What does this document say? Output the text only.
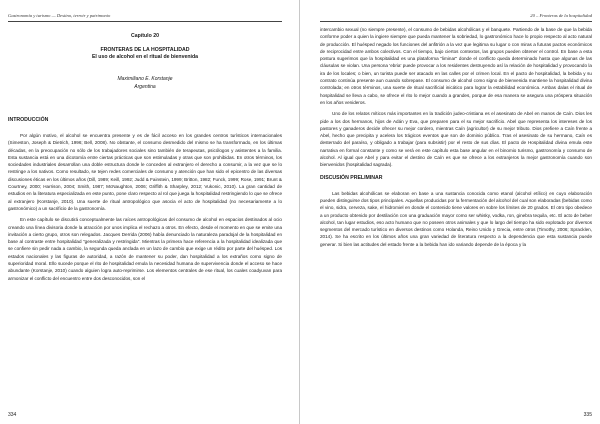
Gastronomía y turismo — Destino, terroir y patrimonio
Capítulo 20
FRONTERAS DE LA HOSPITALIDAD
El uso de alcohol en el ritual de bienvenida
Maximiliano E. Korstanje
Argentina
INTRODUCCIÓN

Por algún motivo, el alcohol se encuentra presente y es de fácil acceso en los grandes centros turísticos internacionales (Simeston, Joseph & Dietrich, 1996; Bell, 2008). No obstante, el consumo desmedido del mismo se ha transformado, en los últimas décadas, en la preocupación no sólo de los trabajadores sociales sino también de terapeutas, psicólogos y asistentes a la familia. Esta sustancia está en una dicotomía entre ciertas prácticas que son estimuladas y otras que son prohibidas. En otros términos, los sociedades industriales desarrollan una doble estructura donde le conceden al extranjero el derecho a consumir, a la vez que se lo restringe a los nativos. Como resultado, se tejen redes comerciales de consumo y atención que han sido el epicentro de las diversas discusiones éticas en los últimos años (Dill, 1989; Keill, 1992; Judd & Fainstein, 1999; Britton, 1982; Funck, 1999; Rose, 1991; Brunt & Courtney, 2000; Harrison, 2004; Smith, 1987; McNaughton, 2006; Griffith & Sharpley, 2012; Vukonic, 2010). La gran cantidad de estudios en la literatura especializada en este punto, pone claro respecto al rol que juega la hospitalidad restringiendo lo que se ofrece al extranjero (Korstanje, 2010). Una suerte de ritual antropológico que asocia el acto de hospitalidad (no necesariamente a lo gastronómico) a un sacrificio de la gastronomía.

En este capítulo se discutirá conceptualmente las raíces antropológicas del consumo de alcohol en espacios destinados al ocio creando una línea divisoria donde la atracción por unos implica el rechazo a otros. En efecto, desde el momento en que se emite una invitación a cierto grupo, otros son relegados. Jacques Derrida (2006) había denunciado la naturaleza paradojal de la hospitalidad en base al contraste entre hospitalidad "generalizada y restringida". Mientras la primera hace referencia a la hospitalidad idealizada que se confiere sin pedir nada a cambio, la segunda queda anclada en un lazo de cambio que exige un rédito por parte del huésped. Los estados nacionales y las figuras de autoridad, a razón de mantener su poder, dan hospitalidad a los extraños como signo de superioridad moral. Ello sucede porque el rito de hospitalidad emula la necesidad humana de supervivencia donde el acceso se hace abundante (Korstanje, 2010) cuando alguien logra auto-reprimirse. Los elementos centrales de ese ritual, los cuales coadyuvan para armonizar el conflicto del encuentro entre dos desconocidos, son el

334
20 – Fronteras de la hospitalidad

intercambio sexual (no siempre presente), el consumo de bebidas alcohólicas y el banquete. Partiendo de la base de que la bebida conforme poder a quien la ingiere siempre que pueda mantener la sobriedad, lo gastronómico hace lo propio respecto al acto natural de producción. El huésped negado los funciones del anfitrión a la vez que legitima su lugar o con miras a futuras pactos económicos de reciprocidad entre ambos colectivos. Con el tiempo, bajo ciertos contextos, las grupos pueden obtener el control. En base a esta postura sugerimos que la hospitalidad es una plataforma "liminar" donde el conflicto queda determinado hasta que algunas de las cláusulas se violan. Una persona 'ebria' puede provocar a los residentes destruyendo así la relación de hospitalidad y provocando la ira de los locales; o bien, un turista puede ser atacado en las calles por el crimen local. En el pacto de hospitalidad, la bebida y su contrato continúa presente aun cuando sobrepase. El consumo de alcohol como signo de bienvenida mantiene la hospitalidad divina controlada; en otros términos, una suerte de ritual sacrificial inicático para lograr la estabilidad económica. Ambas dalas el ritual de hospitalidad se lleva a cabo, se ofrece el rito lo mejor cuando a grandes, porque de esa manera se asegura una próspera situación en los años venideros.

Uno de los relatos míticos más importantes en la tradición judeo-cristiana es el asesinato de Abel en manos de Caín. Dios les pide a los dos hermanos, hijos de Adán y Eva, que preparen para el su mejor sacrificio. Abel que representa los intereses de los pastores y ganaderos decide ofrecer su mejor cordero, mientras Caín (agricultor) de su mejor tributo. Dios prefiere a Caín frente a Abel, hecho que precipita y acelera los trágicos eventos que son de dominio público. Tras el asesinato de su hermano, Caín es desterrado del paraíso, y obligado a trabajar (para subsistir) por el resto de sus días. El pacto de Hospitalidad divina emula este narrativa en formal constante y como se verá en este capítulo esta base angular en el binomio turismo, gastronomía y consumo de alcohol. Al igual que Abel y para evitar el destino de Caín es que se ofrece a los extranjeros la mejor gastronomía cuando son bienvenidos (hospitalidad sagrada).

DISCUSIÓN PRELIMINAR

Las bebidas alcohólicas se elaboran en base a una sustancia conocida como etanol (alcohol etílico) en cuyo elaboración pueden distinguirse dos tipos principales. Aquellas producidas por la fermentación del alcohol del cual son elaboradas (bebidas como el vino, sidra, cerveza, sake, el hidromiel en donde el contenido tiene valores en sobre los límites de 20 grados. El otro tipo obedece a un producto obtenido por destilación con una graduación mayor como ser whisky, vodka, ron, ginebra tequila, etc. El acto de beber alcohol, tan lugar estudios, eso acto humano que no poseen otros animales y que lo largo del tiempo ha sido explotado por diversos segmentos del mercado turístico en diversos destinos como Holanda, Reino Unido y Grecia, entre otros (Timothy, 2006; Spracklen, 2014). Se ha escrito en los últimos años una gran variedad de literatura respecto a la dependencia que esta sustancia puede generar. Si bien las actitudes del estado frente a la bebida han ido variando depende de la época y la

335
